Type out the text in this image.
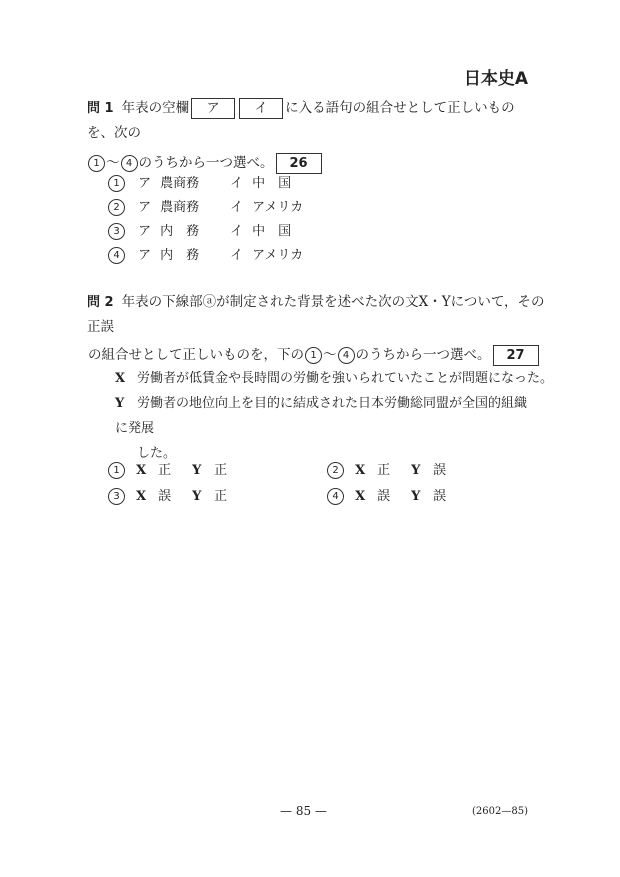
日本史A
問 1 年表の空欄 ア	イ に入る語句の組合せとして正しいものを、次の
1 〜 4 のうちから一つ選べ。 26
1 ア 農商務 イ 中　国
2 ア 農商務 イ アメリカ
3 ア 内　務 イ 中　国
4 ア 内　務 イ アメリカ
問 2 年表の下線部ⓐが制定された背景を述べた次の文X・Yについて，その正誤
の組合せとして正しいものを，下の 1 〜 4 のうちから一つ選べ。 27
X 労働者が低賃金や長時間の労働を強いられていたことが問題になった。
Y 労働者の地位向上を目的に結成された日本労働総同盟が全国的組織に発展
した。
1 X 正 Y 正	2 X 正 Y 誤
3 X 誤 Y 正	4 X 誤 Y 誤
— 85 —	(2602—85)
